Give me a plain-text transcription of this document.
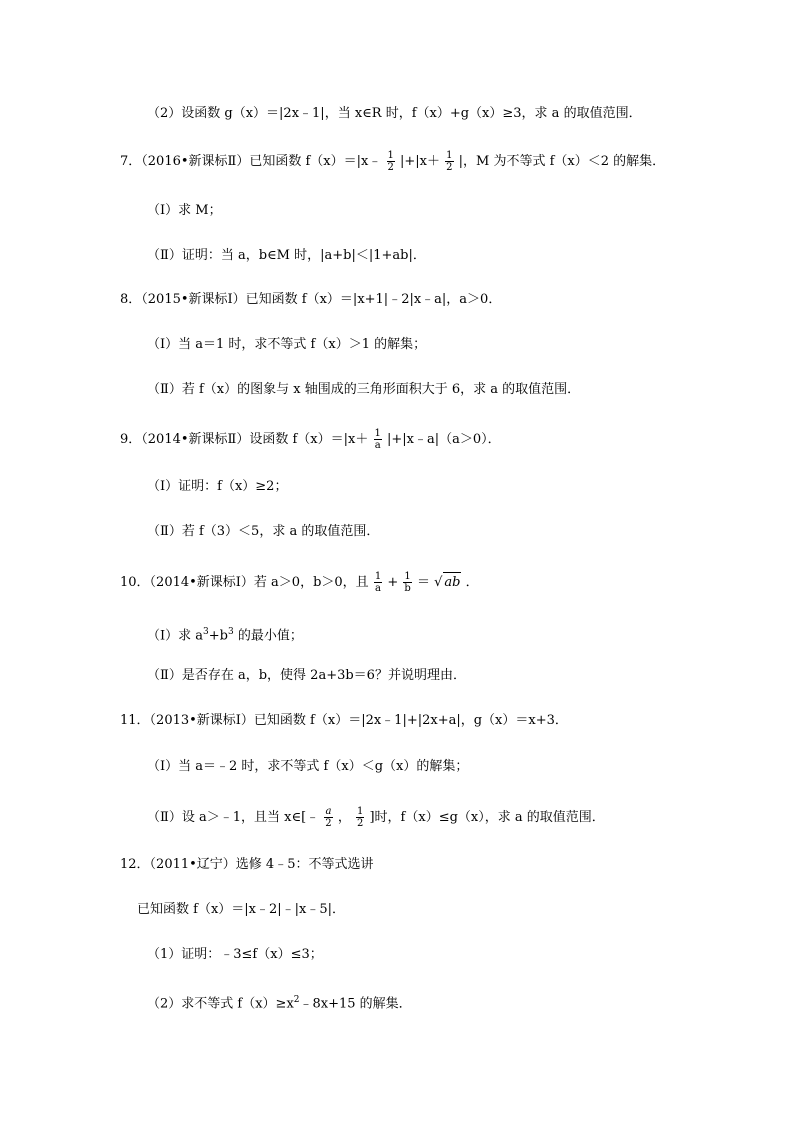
（2）设函数 g（x）＝|2x﹣1|，当 x∈R 时，f（x）+g（x）≥3，求 a 的取值范围．
7．（2016•新课标Ⅱ）已知函数 f（x）＝|x﹣ $\frac{1}{2} |+|x+ \frac{1}{2}$ |，M 为不等式 f（x）＜2 的解集．
（Ⅰ）求 M；
（Ⅱ）证明：当 a，b∈M 时，|a+b|＜|1+ab|．
8．（2015•新课标Ⅰ）已知函数 f（x）＝|x+1|﹣2|x﹣a|，a＞0．
（Ⅰ）当 a＝1 时，求不等式 f（x）＞1 的解集；
（Ⅱ）若 f（x）的图象与 x 轴围成的三角形面积大于 6，求 a 的取值范围．
9．（2014•新课标Ⅱ）设函数 $f(x)=|x+ \frac{1}{a}$ |+|x﹣a|（a＞0）．
（Ⅰ）证明：f（x）≥2；
（Ⅱ）若 f（3）＜5，求 a 的取值范围．
10．（2014•新课标Ⅰ）若 a＞0，b＞0，且 $\frac{1}{a} + \frac{1}{b}$ ＝ √ ab ．
（Ⅰ）求 $a^3+b^3$ 的最小值；
（Ⅱ）是否存在 a，b，使得 2a+3b＝6？并说明理由．
11．（2013•新课标Ⅰ）已知函数 f（x）＝|2x﹣1|+|2x+a|，g（x）＝x+3．
（Ⅰ）当 a＝﹣2 时，求不等式 f（x）＜g（x）的解集；
（Ⅱ）设 a＞﹣1，且当 x∈[﹣ $\frac{a}{2}$ ， $\frac{1}{2}$ ]时，f（x）≤g（x），求 a 的取值范围．
12．（2011•辽宁）选修 4﹣5：不等式选讲
已知函数 f（x）＝|x﹣2|﹣|x﹣5|．
（1）证明：﹣3≤f（x）≤3；
（2）求不等式 $f(x)\ge x^2﹣8x+15$ 的解集．
